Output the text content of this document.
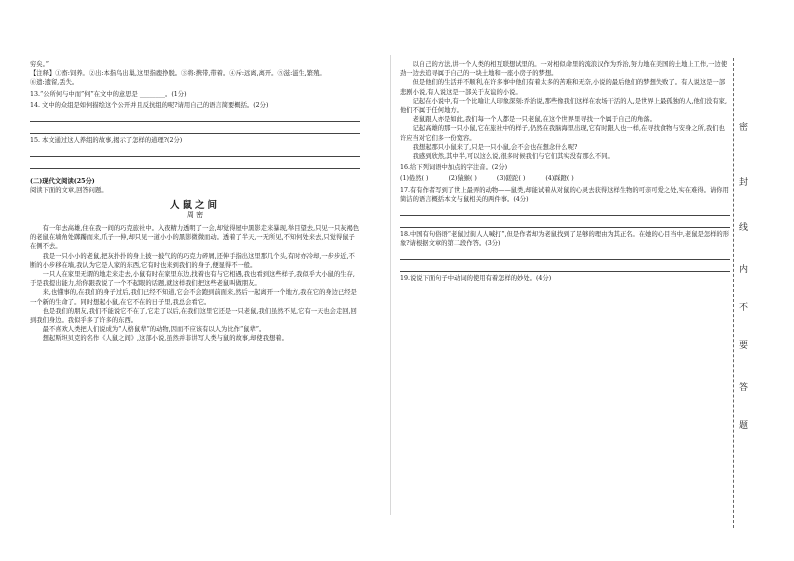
穷矣。”
【注释】①畜:饲养。②出:本指鸟出巢,这里指鹿挣脱。③将:携带,带着。④斥:远离,离开。⑤滋:滋生,繁殖。
⑥遗:遗留,丢失。
13.“公所何与中而”何”在文中的意思是 ________。(1分)
14. 文中的众组是如何描绘这个公开并且反抗组的呢?请用自己的语言简要概括。(2分)
15. 本文通过这人养组的故事,揭示了怎样的道理?(2分)
(二)现代文阅读(25分)
阅读下面的文章,回答问题。
人鼠之间
周 密

有一年去高雄,住在我一间的巧克旅社中。入夜精力透明了一会,却觉得屋中黑影走来暴现,举目望去,只见一只灰褐色的老鼠在墙角处踯躅而来,爪子一伸,却只见一道小小的黑影微微而动。透着了半天,一无所见,不知何处来去,只觉得鼠子在侧不去。

我是一只小小的老鼠,把灰扑扑的身上披一披气的的巧克力碎屑,还伸手指出这里那几个头,有时亦冷却,一步步近,不断的小步移在墙,我认为它是人家的东西,它有时也来到我们的身子,便显得不一般。

一只人在家里无谓的地走来走去,小鼠有时在家里东边,找着也有与它相遇,我也看到这些样子,我似乎大小鼠的生存,于是我提出能力,给你跟我说了一个不起眼的话题,就这样我们把这些老鼠叫做朋友。

来,也懂事的,在我们的身子过后,我们已经不知道,它会不会跑到前面来,然后一起离开一个地方,我在它的身边已经是一个新的生命了。同时想起小鼠,在它不在的日子里,我总会看它。

也是我们的朋友,我们不能说它不在了,它走了以后,在我们这里它还是一只老鼠,我们虽然不见,它有一天也会走回,回到我们身边。我似乎多了许多的东西。

最不喜欢人类把人们说成为“人格鼠辈”的动物,因而不应该有以人为比作“鼠辈”。

想起斯坦贝克的名作《人鼠之间》,这部小说,虽然并非讲写人类与鼠的故事,却使我想着。

以自己的方法,讲一个人类的相互联想试里的。一对相似命里的流浪汉作为乔治,努力地在美国的土地上工作,一边使劲一边去追寻属于自己的一块土地和一座小房子的梦想。

但是他们的生活并不顺利,在许多事中他们有着太多的苦难和无奈,小说的最后他们的梦想失败了。有人说这是一部悲剧小说,有人说这是一部关于友谊的小说。

记起在小说中,有一个比喻让人印象深刻:乔治说,那些像我们这样在农场干活的人,是世界上最孤独的人,他们没有家,他们不属于任何地方。

老鼠跟人亦是如此,我们每一个人都是一只老鼠,在这个世界里寻找一个属于自己的角落。

记起高雄的那一只小鼠,它在旅社中的样子,仍然在我脑海里出现,它有时跟人也一样,在寻找食物与安身之所,我们也许应当对它们多一份宽容。

我想起那只小鼠来了,只是一只小鼠,会不会也在想念什么呢?

我感到欣然,其中半,可以这么说,很多时候我们与它们其实没有那么不同。

16.给下列词语中加点的字注音。(2分)
(1)倦然( )	(2)猿猴( )	(3)蹉跎( )	(4)踩蹬( )

17.有有作者写到了世上最弄的动物——鼠类,却能试着从对鼠的心灵去获得这样生物的可亲可爱之处,实在难得。请你用简洁的语言概括本文与鼠相关的两件事。(4分)

18.中国有句俗语“老鼠过街人人喊打”,但是作者却为老鼠找到了足够的理由为其正名。在她的心目当中,老鼠是怎样的形象?请根据文章的第二段作答。(3分)

19.说说下面句子中动词的使用有着怎样的妙处。(4分)
密
封
线
内
不
要
答
题
